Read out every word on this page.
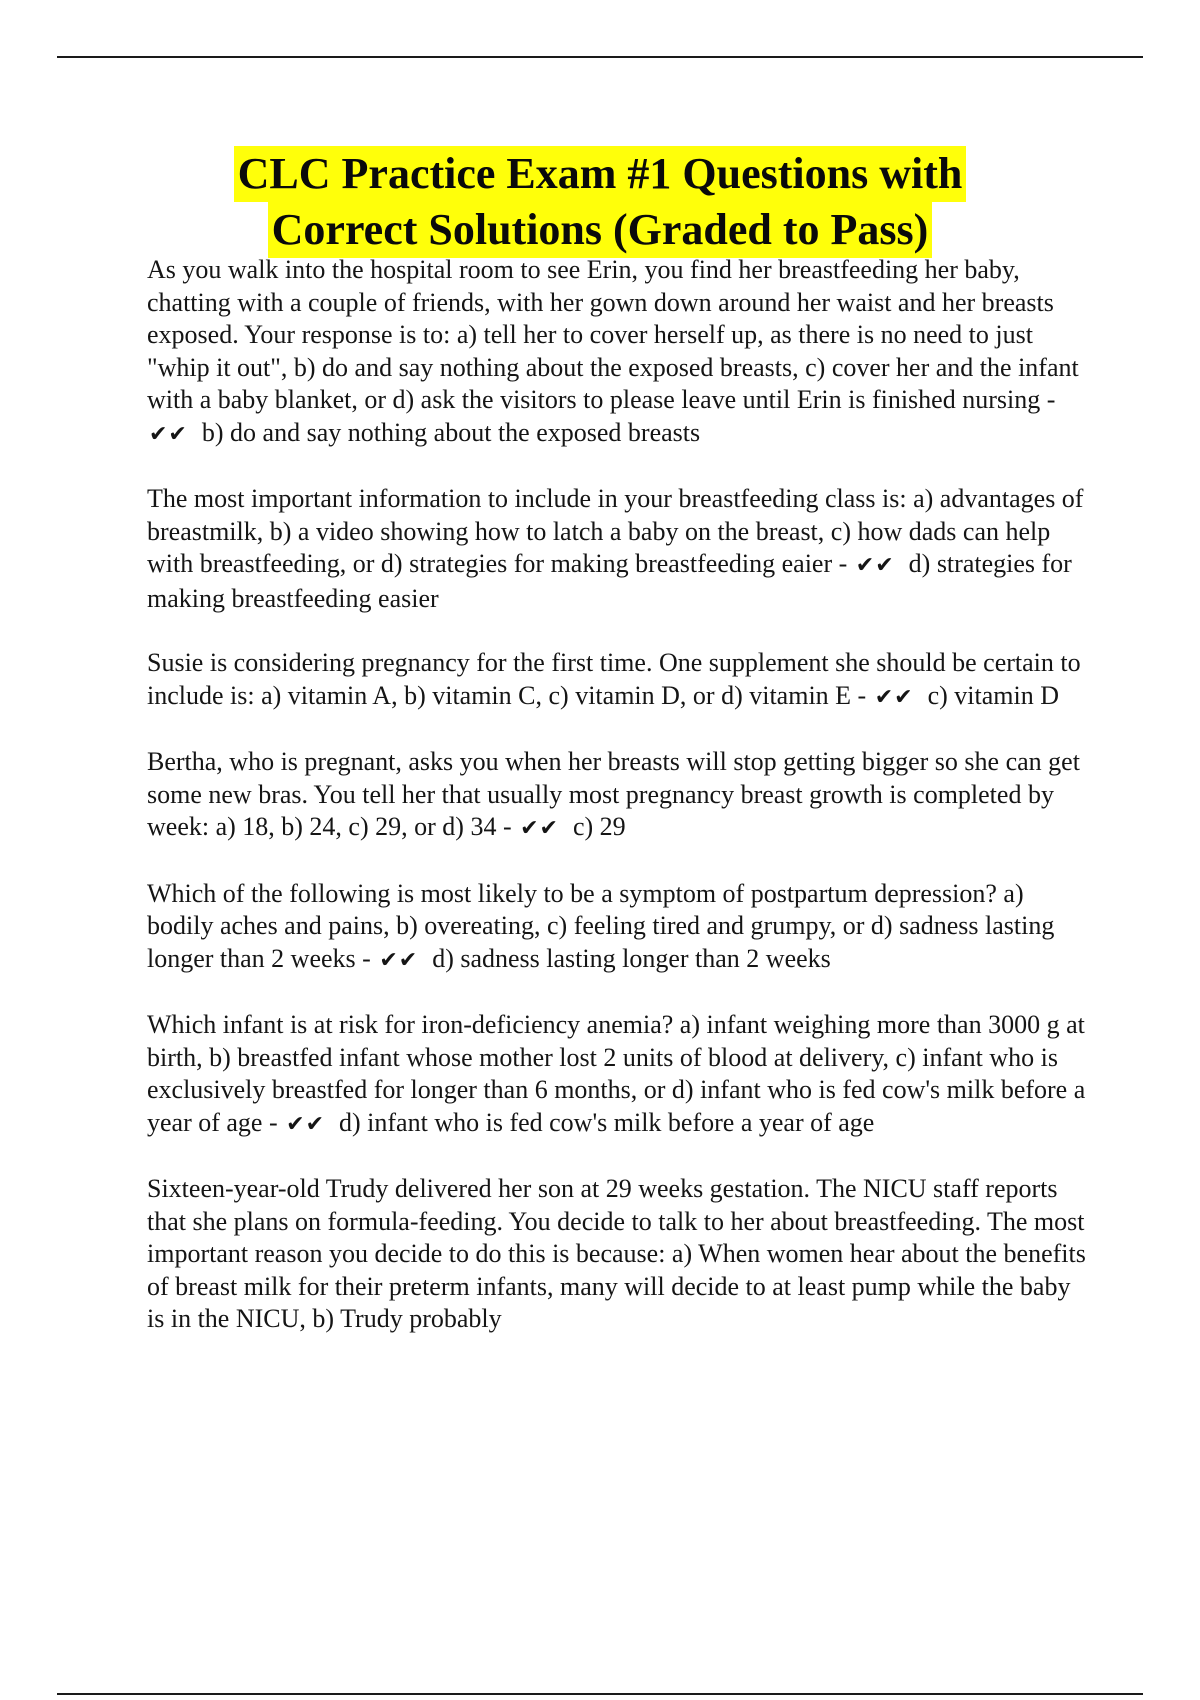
CLC Practice Exam #1 Questions with
Correct Solutions (Graded to Pass)

As you walk into the hospital room to see Erin, you find her breastfeeding her baby, chatting with a couple of friends, with her gown down around her waist and her breasts exposed. Your response is to: a) tell her to cover herself up, as there is no need to just "whip it out", b) do and say nothing about the exposed breasts, c) cover her and the infant with a baby blanket, or d) ask the visitors to please leave until Erin is finished nursing - ✔✔ b) do and say nothing about the exposed breasts

The most important information to include in your breastfeeding class is: a) advantages of breastmilk, b) a video showing how to latch a baby on the breast, c) how dads can help with breastfeeding, or d) strategies for making breastfeeding eaier - ✔✔ d) strategies for making breastfeeding easier

Susie is considering pregnancy for the first time. One supplement she should be certain to include is: a) vitamin A, b) vitamin C, c) vitamin D, or d) vitamin E - ✔✔ c) vitamin D

Bertha, who is pregnant, asks you when her breasts will stop getting bigger so she can get some new bras. You tell her that usually most pregnancy breast growth is completed by week: a) 18, b) 24, c) 29, or d) 34 - ✔✔ c) 29

Which of the following is most likely to be a symptom of postpartum depression? a) bodily aches and pains, b) overeating, c) feeling tired and grumpy, or d) sadness lasting longer than 2 weeks - ✔✔ d) sadness lasting longer than 2 weeks

Which infant is at risk for iron-deficiency anemia? a) infant weighing more than 3000 g at birth, b) breastfed infant whose mother lost 2 units of blood at delivery, c) infant who is exclusively breastfed for longer than 6 months, or d) infant who is fed cow's milk before a year of age - ✔✔ d) infant who is fed cow's milk before a year of age

Sixteen-year-old Trudy delivered her son at 29 weeks gestation. The NICU staff reports that she plans on formula-feeding. You decide to talk to her about breastfeeding. The most important reason you decide to do this is because: a) When women hear about the benefits of breast milk for their preterm infants, many will decide to at least pump while the baby is in the NICU, b) Trudy probably
